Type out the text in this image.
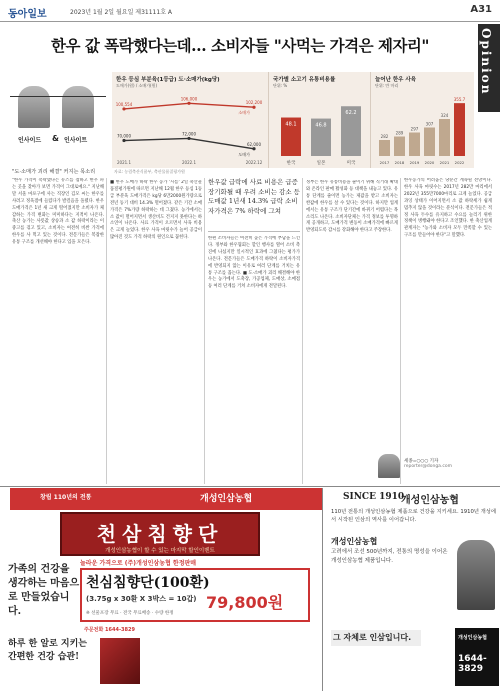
동아일보	2023년 1월 2일 월요일 제31111호 A	A31
Opinion
한우 값 폭락했다는데… 소비자들 "사먹는 가격은 제자리"
인사이드 & 인사이트
"도·소매가 괴리 해결" 커지는 목소리
100,554
106,000
102,200
소매가
70,000	72,000
62,000
도매가
2021.1	2022.1	2022.12
한우 등심 부분육(1등급) 도·소매가(kg당)
도매가(원) / 소매가(원)
48.1
한국
46.8
일본
62.2
미국
국가별 소고기 유통비용률
단위: %
282
2017
289
2018
297
2019
307
2020
324
2021
355.7
2022
늘어난 한우 사육
단위: 만 마리
자료: 농림축산식품부, 축산물품질평가원

"한우 가격이 폭락했다는 뉴스를 접하고 한우 파는 곳을 찾아가 보면 가격이 그대로예요." 지난해 말 서울 마포구에 사는 직장인 김모 씨는 한우를 사려고 정육점에 들렀다가 발걸음을 돌렸다. 한우 도매가격은 1년 새 크게 떨어졌지만 소비자가 체감하는 가격 변화는 미미하다는 지적이 나온다. 축산 농가는 사룟값 상승과 소 값 하락이라는 이중고를 겪고 있고, 소비자는 여전히 비싼 가격에 한우를 사 먹고 있는 것이다. 전문가들은 복잡한 유통 구조를 개선해야 한다고 입을 모은다.

■ 한우 도매가 하락 한우 농가 '시름' 2일 축산물품질평가원에 따르면 지난해 12월 한우 등심 1등급 부분육 도매가격은 kg당 6만2000원가량으로 전년 동기 대비 14.3% 떨어졌다. 같은 기간 소매가격은 7%가량 하락하는 데 그쳤다. 농가에서는 소 값이 떨어지면서 생산비도 건지지 못한다는 하소연이 나온다. 사료 가격이 오르면서 사육 비용은 크게 늘었다. 한우 사육 마릿수가 늘어 공급이 많아진 것도 가격 하락의 원인으로 꼽힌다.

한우값 급락에 사료 비용은 급증 장기화될 때 우려 소비는 감소 등 도매값 1년새 14.3% 급락 소비자가격은 7% 하락에 그쳐

한편 소비자들은 여전히 높은 가격에 부담을 느낀다. 정부와 한우협회는 할인 행사를 열어 소비 촉진에 나섰지만 일시적인 효과에 그쳤다는 평가가 나온다. 전문가들은 도매가격 하락이 소비자가격에 반영되지 않는 이유로 여러 단계를 거치는 유통 구조를 꼽는다. ■ 도·소매가 괴리 해결해야 한우는 농가에서 도축장, 가공업체, 도매상, 소매점 등 여러 단계를 거쳐 소비자에게 전달된다.

정부는 한우 유통비용을 줄이기 위해 직거래 확대와 온라인 판매 활성화 등 대책을 내놓고 있다. 유통 단계를 줄이면 농가는 제값을 받고 소비자는 싼값에 한우를 살 수 있다는 것이다. 하지만 업계에서는 유통 구조가 단기간에 바뀌기 어렵다는 목소리도 나온다. 소비자단체는 가격 정보를 투명하게 공개하고, 도매가격 변동이 소매가격에 빠르게 반영되도록 감시를 강화해야 한다고 주장한다.

한우농가의 어려움은 당분간 계속될 전망이다. 한우 사육 마릿수는 2017년 282만 마리에서 2022년 355만7000마리로 크게 늘었다. 공급 과잉 상태가 이어지면서 소 값 하락세가 쉽게 멈추지 않을 것이라는 분석이다. 전문가들은 적정 사육 두수를 유지하고 수요를 늘리기 위한 정책이 병행돼야 한다고 조언했다. 한 축산업계 관계자는 "농가와 소비자 모두 만족할 수 있는 구조를 만들어야 한다"고 말했다.

세종=○○○ 기자
reporter@donga.com
창립 110년의 전통	개성인삼농협
천삼침향단
개성인삼농협이 할 수 있는 마지막 할인이벤트
놀라운 가격으로 (주)개성인삼농협 한정판매
가족의 건강을 생각하는 마음으로 만들었습니다.
천심침향단(100환)
(3.75g x 30환 X 3박스 = 10갑) 79,800원
※ 선물포장 무료 · 전국 무료배송 · 수량 한정
주문전화 1644-3829
하루 한 알로 지키는 간편한 건강 습관!
SINCE 1910
개성인삼농협
110년 전통의 개성인삼농협 제품으로 건강을 지키세요. 1910년 개성에서 시작된 인삼의 역사를 이어갑니다.
개성인삼농협
고려에서 조선 500년까지, 전통의 명성을 이어온 개성인삼농협 제품입니다.
그 자체로 인삼입니다.	개성인삼농협
1644-3829
